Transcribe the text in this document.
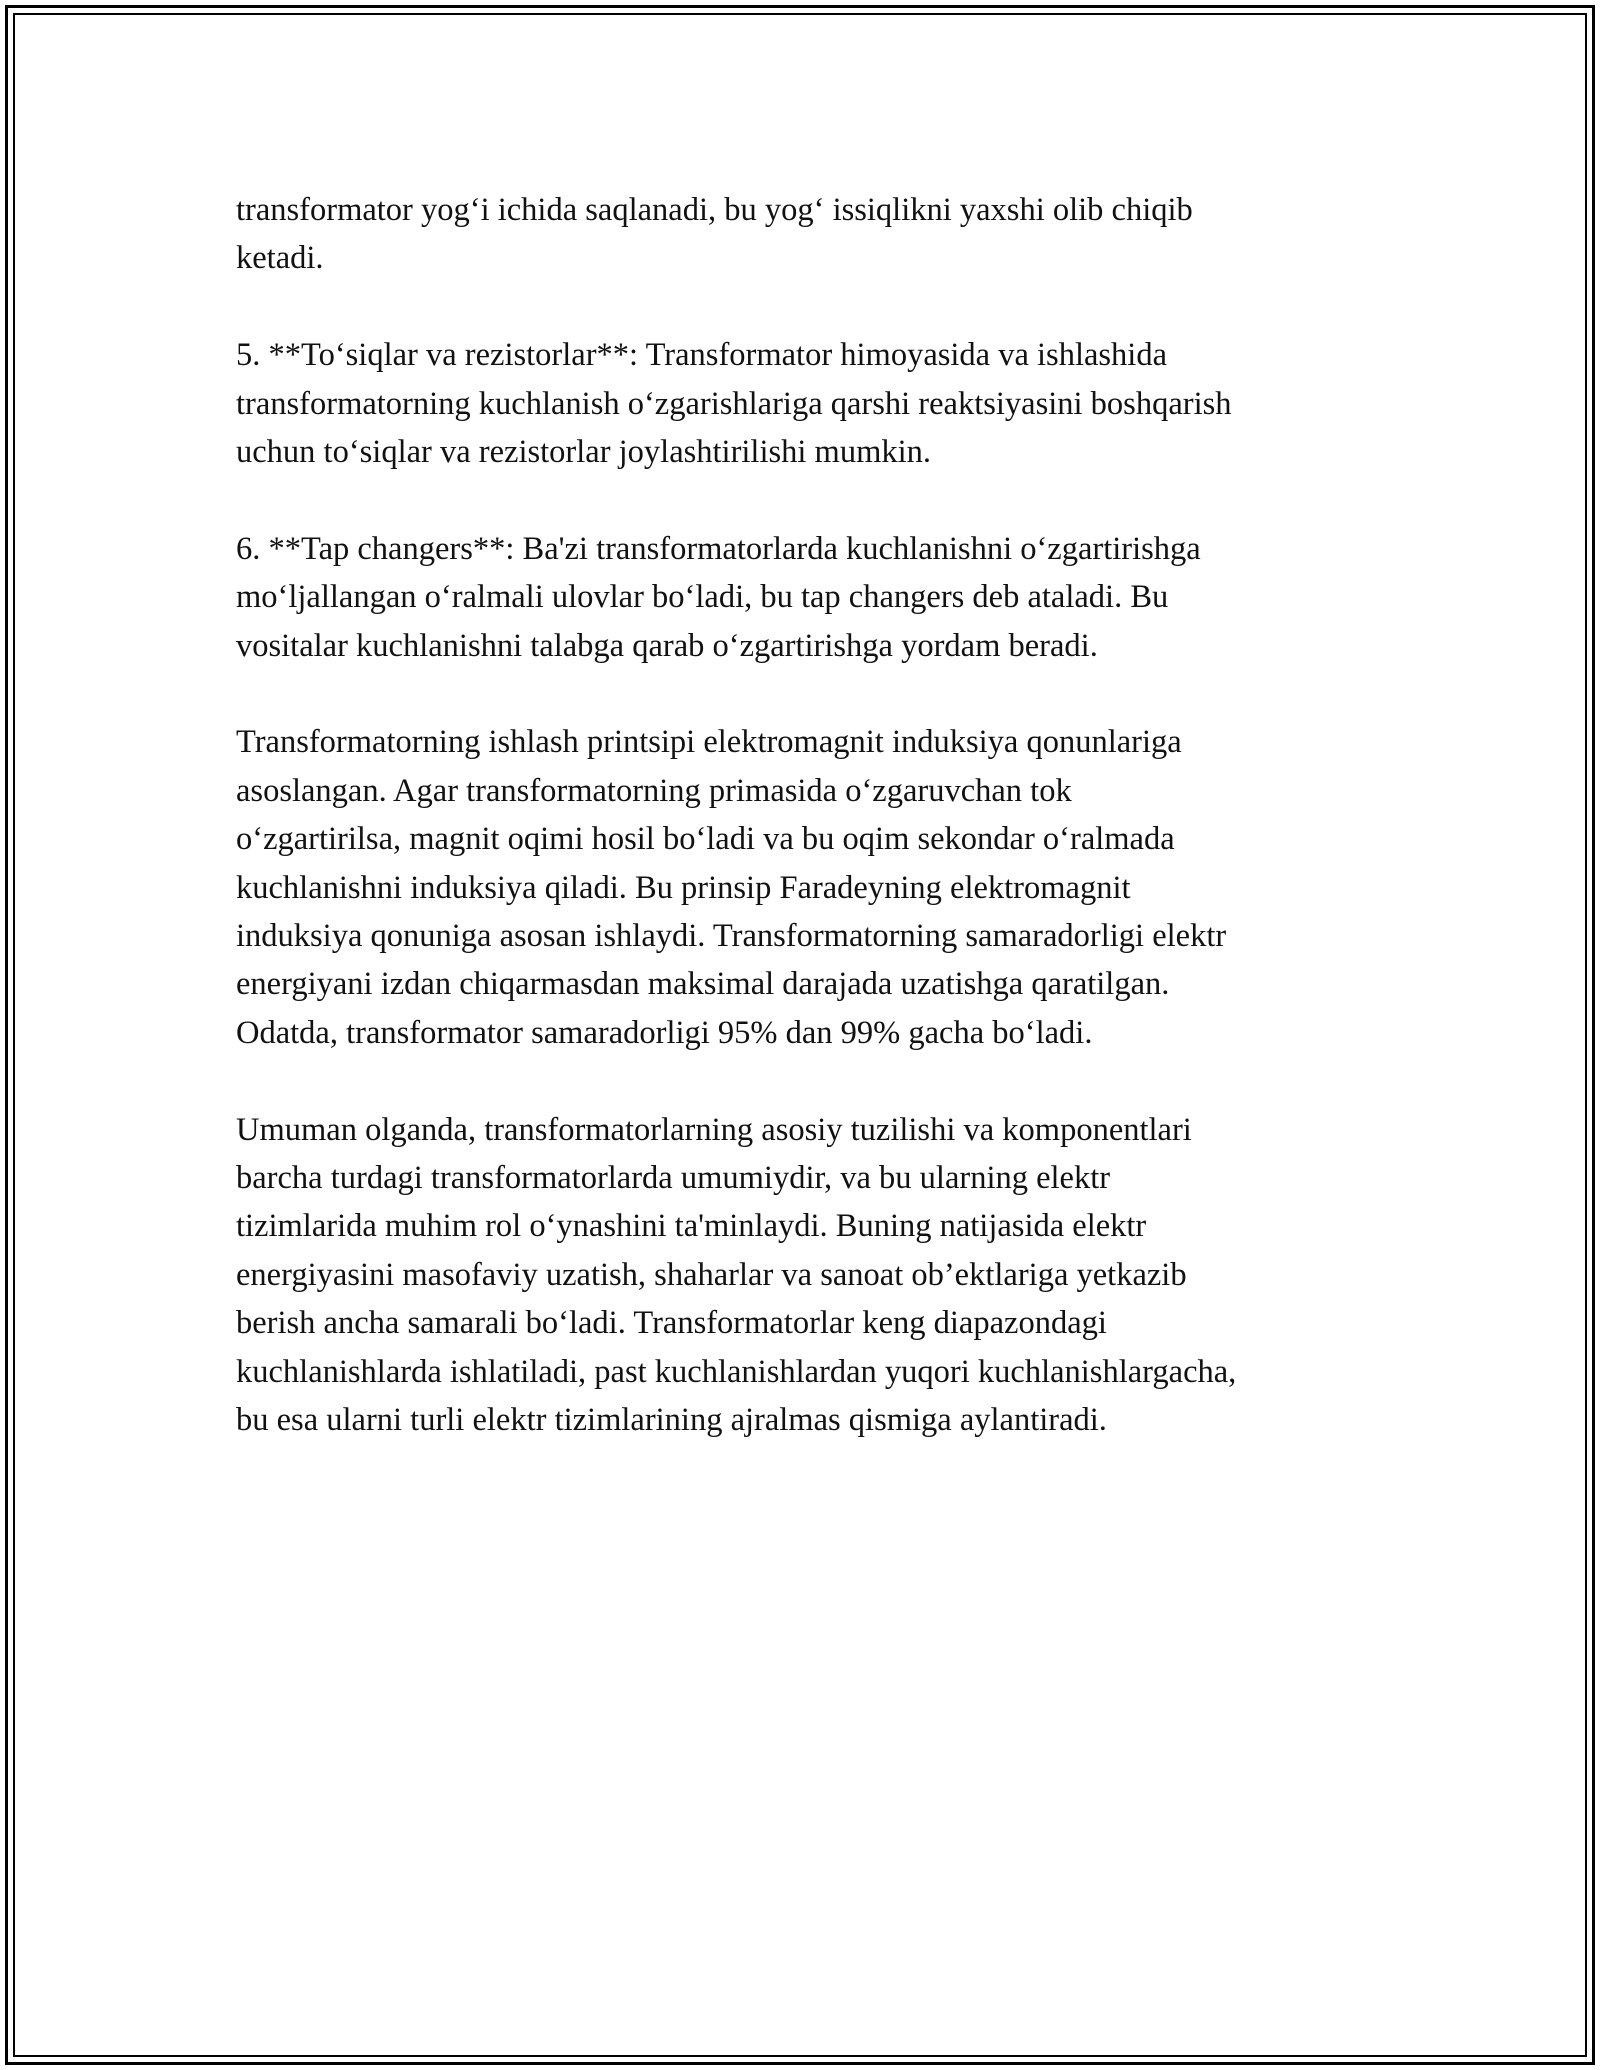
transformator yog‘i ichida saqlanadi, bu yog‘ issiqlikni yaxshi olib chiqib
ketadi.

5. **To‘siqlar va rezistorlar**: Transformator himoyasida va ishlashida
transformatorning kuchlanish o‘zgarishlariga qarshi reaktsiyasini boshqarish
uchun to‘siqlar va rezistorlar joylashtirilishi mumkin.

6. **Tap changers**: Ba'zi transformatorlarda kuchlanishni o‘zgartirishga
mo‘ljallangan o‘ralmali ulovlar bo‘ladi, bu tap changers deb ataladi. Bu
vositalar kuchlanishni talabga qarab o‘zgartirishga yordam beradi.

Transformatorning ishlash printsipi elektromagnit induksiya qonunlariga
asoslangan. Agar transformatorning primasida o‘zgaruvchan tok
o‘zgartirilsa, magnit oqimi hosil bo‘ladi va bu oqim sekondar o‘ralmada
kuchlanishni induksiya qiladi. Bu prinsip Faradeyning elektromagnit
induksiya qonuniga asosan ishlaydi. Transformatorning samaradorligi elektr
energiyani izdan chiqarmasdan maksimal darajada uzatishga qaratilgan.
Odatda, transformator samaradorligi 95% dan 99% gacha bo‘ladi.

Umuman olganda, transformatorlarning asosiy tuzilishi va komponentlari
barcha turdagi transformatorlarda umumiydir, va bu ularning elektr
tizimlarida muhim rol o‘ynashini ta'minlaydi. Buning natijasida elektr
energiyasini masofaviy uzatish, shaharlar va sanoat ob’ektlariga yetkazib
berish ancha samarali bo‘ladi. Transformatorlar keng diapazondagi
kuchlanishlarda ishlatiladi, past kuchlanishlardan yuqori kuchlanishlargacha,
bu esa ularni turli elektr tizimlarining ajralmas qismiga aylantiradi.
